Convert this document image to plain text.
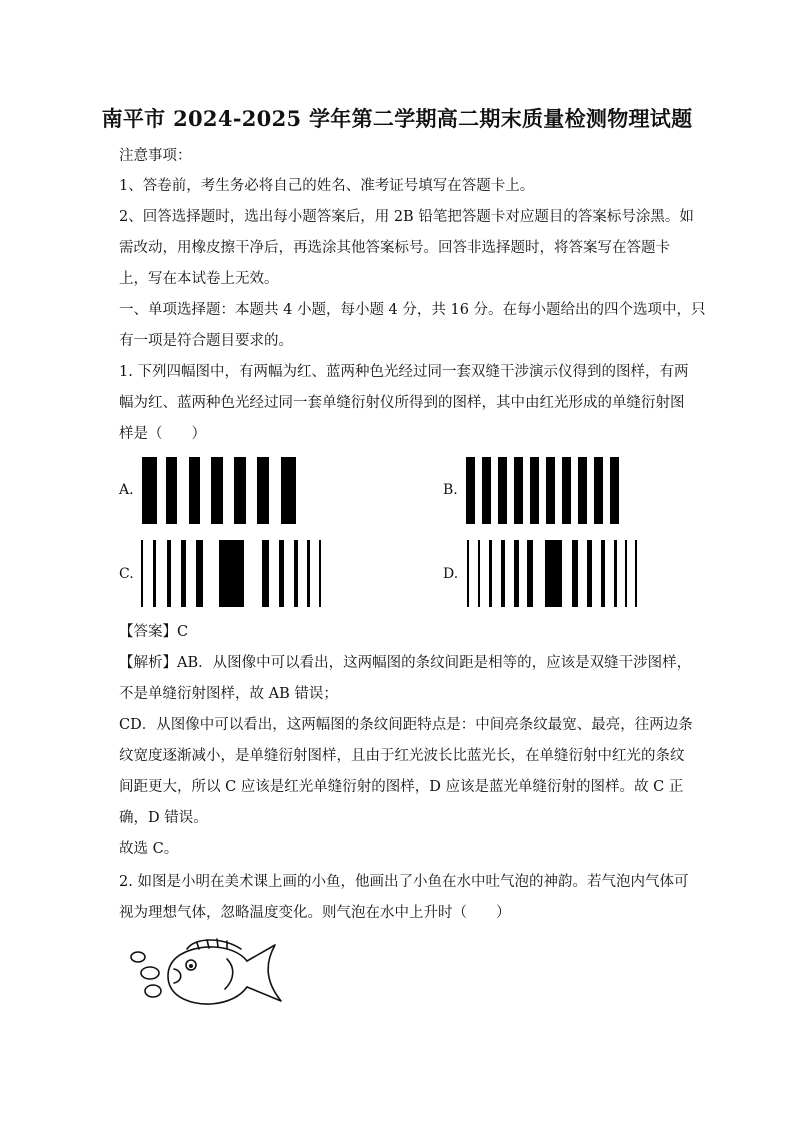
南平市 2024-2025 学年第二学期高二期末质量检测物理试题
注意事项：
1、答卷前，考生务必将自己的姓名、准考证号填写在答题卡上。
2、回答选择题时，选出每小题答案后，用 2B 铅笔把答题卡对应题目的答案标号涂黑。如
需改动，用橡皮擦干净后，再选涂其他答案标号。回答非选择题时，将答案写在答题卡
上，写在本试卷上无效。
一、单项选择题：本题共 4 小题，每小题 4 分，共 16 分。在每小题给出的四个选项中，只
有一项是符合题目要求的。
1. 下列四幅图中，有两幅为红、蓝两种色光经过同一套双缝干涉演示仪得到的图样，有两
幅为红、蓝两种色光经过同一套单缝衍射仪所得到的图样，其中由红光形成的单缝衍射图
样是（　　）
A.	B.
C.	D.
【答案】C
【解析】AB．从图像中可以看出，这两幅图的条纹间距是相等的，应该是双缝干涉图样，
不是单缝衍射图样，故 AB 错误；
CD．从图像中可以看出，这两幅图的条纹间距特点是：中间亮条纹最宽、最亮，往两边条
纹宽度逐渐减小，是单缝衍射图样，且由于红光波长比蓝光长，在单缝衍射中红光的条纹
间距更大，所以 C 应该是红光单缝衍射的图样，D 应该是蓝光单缝衍射的图样。故 C 正
确，D 错误。
故选 C。
2. 如图是小明在美术课上画的小鱼，他画出了小鱼在水中吐气泡的神韵。若气泡内气体可
视为理想气体，忽略温度变化。则气泡在水中上升时（　　）
